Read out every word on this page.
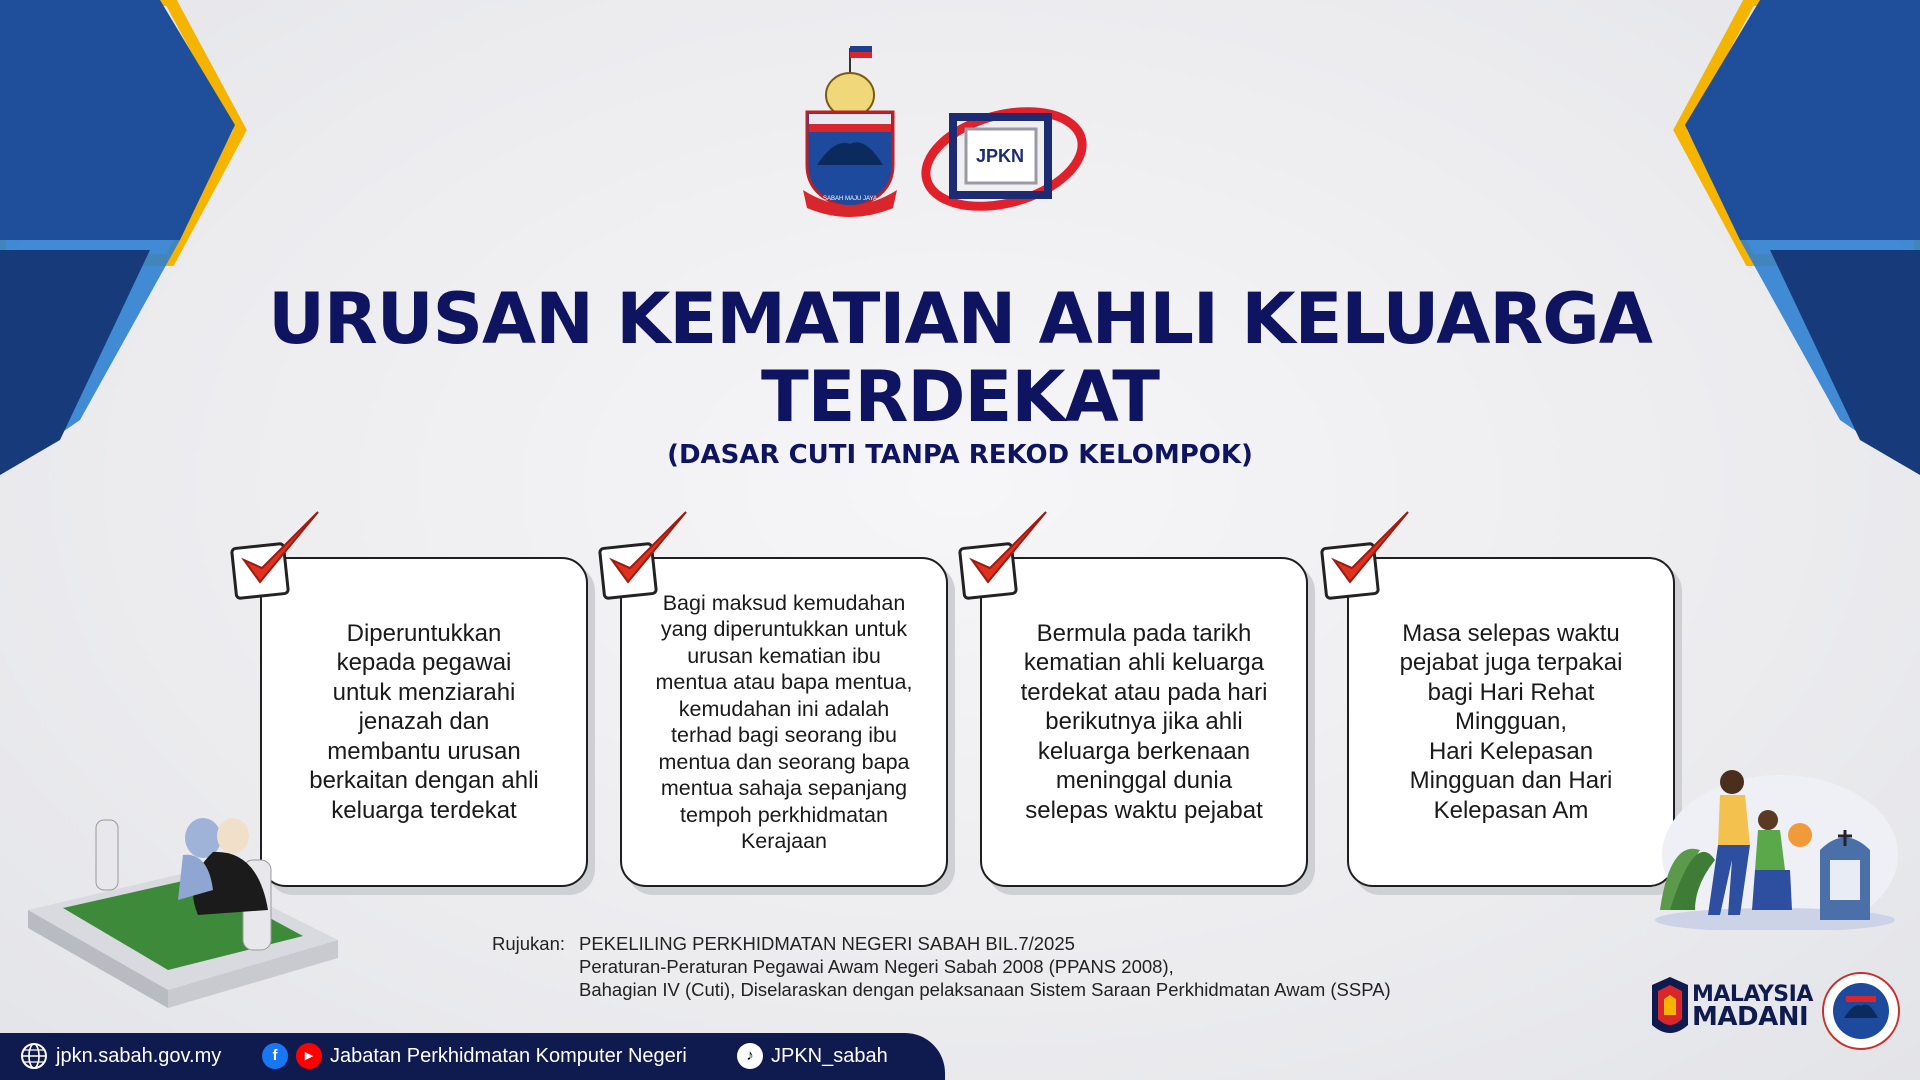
SABAH MAJU JAYA
JPKN
URUSAN KEMATIAN AHLI KELUARGA
TERDEKAT
(DASAR CUTI TANPA REKOD KELOMPOK)
Diperuntukkan
kepada pegawai
untuk menziarahi
jenazah dan
membantu urusan
berkaitan dengan ahli
keluarga terdekat
Bagi maksud kemudahan
yang diperuntukkan untuk
urusan kematian ibu
mentua atau bapa mentua,
kemudahan ini adalah
terhad bagi seorang ibu
mentua dan seorang bapa
mentua sahaja sepanjang
tempoh perkhidmatan
Kerajaan
Bermula pada tarikh
kematian ahli keluarga
terdekat atau pada hari
berikutnya jika ahli
keluarga berkenaan
meninggal dunia
selepas waktu pejabat
Masa selepas waktu
pejabat juga terpakai
bagi Hari Rehat
Mingguan,
Hari Kelepasan
Mingguan dan Hari
Kelepasan Am
Rujukan: PEKELILING PERKHIDMATAN NEGERI SABAH BIL.7/2025
Peraturan-Peraturan Pegawai Awam Negeri Sabah 2008 (PPANS 2008),
Bahagian IV (Cuti), Diselaraskan dengan pelaksanaan Sistem Saraan Perkhidmatan Awam (SSPA)
jpkn.sabah.gov.my	f	▶ Jabatan Perkhidmatan Komputer Negeri	♪ JPKN_sabah
MALAYSIA
MADANI
